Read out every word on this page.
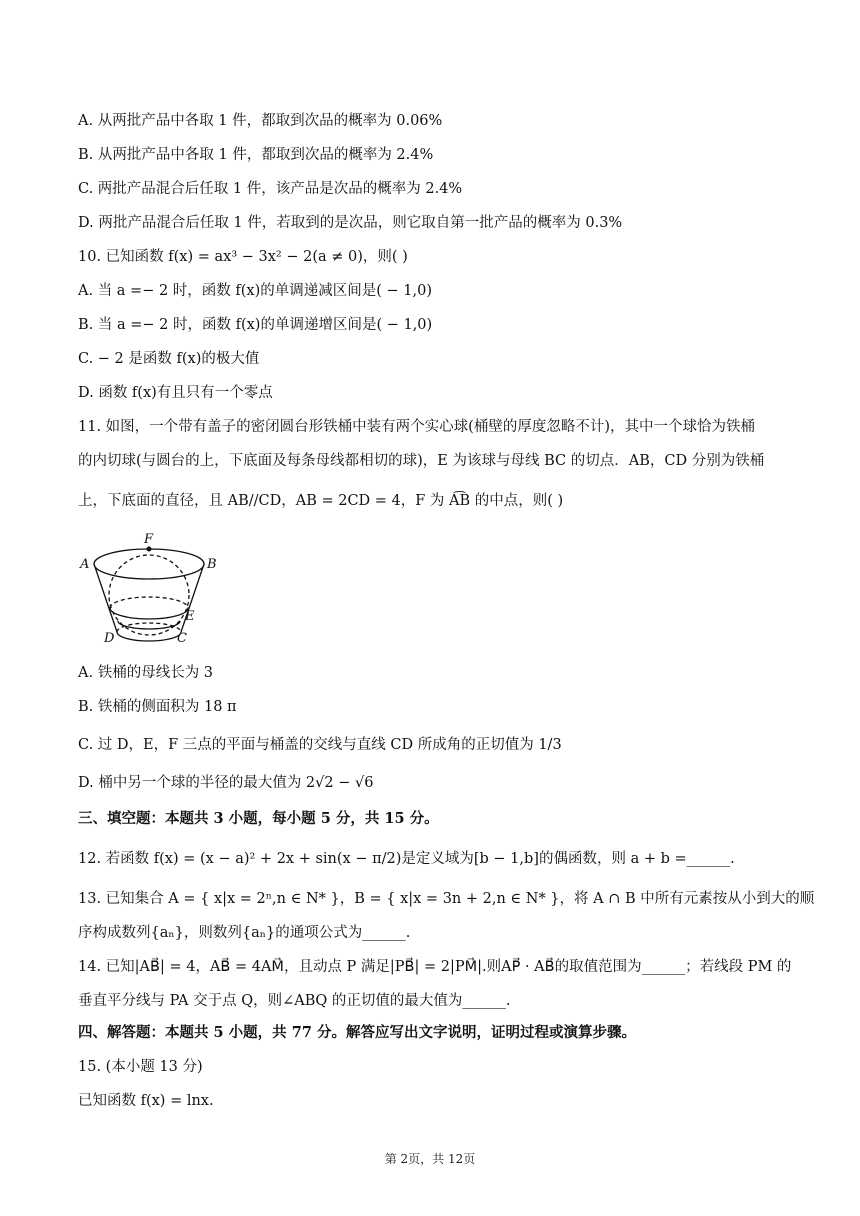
A. 从两批产品中各取 1 件，都取到次品的概率为 0.06%
B. 从两批产品中各取 1 件，都取到次品的概率为 2.4%
C. 两批产品混合后任取 1 件，该产品是次品的概率为 2.4%
D. 两批产品混合后任取 1 件，若取到的是次品，则它取自第一批产品的概率为 0.3%
10. 已知函数 f(x) = ax³ − 3x² − 2(a ≠ 0)，则( )
A. 当 a =− 2 时，函数 f(x)的单调递减区间是( − 1,0)
B. 当 a =− 2 时，函数 f(x)的单调递增区间是( − 1,0)
C. − 2 是函数 f(x)的极大值
D. 函数 f(x)有且只有一个零点
11. 如图，一个带有盖子的密闭圆台形铁桶中装有两个实心球(桶壁的厚度忽略不计)，其中一个球恰为铁桶
的内切球(与圆台的上，下底面及每条母线都相切的球)，E 为该球与母线 BC 的切点．AB，CD 分别为铁桶
上，下底面的直径，且 AB//CD，AB = 2CD = 4，F 为 A͡B 的中点，则( )
F
A	B
E
D	C
A. 铁桶的母线长为 3
B. 铁桶的侧面积为 18 π
C. 过 D，E，F 三点的平面与桶盖的交线与直线 CD 所成角的正切值为 1/3
D. 桶中另一个球的半径的最大值为 2√2 − √6
三、填空题：本题共 3 小题，每小题 5 分，共 15 分。
12. 若函数 f(x) = (x − a)² + 2x + sin(x − π/2)是定义域为[b − 1,b]的偶函数，则 a + b =______.
13. 已知集合 A = { x|x = 2ⁿ,n ∈ N* }，B = { x|x = 3n + 2,n ∈ N* }，将 A ∩ B 中所有元素按从小到大的顺
序构成数列{aₙ}，则数列{aₙ}的通项公式为______.
14. 已知|AB⃗| = 4，AB⃗ = 4AM⃗，且动点 P 满足|PB⃗| = 2|PM⃗|.则AP⃗ · AB⃗的取值范围为______；若线段 PM 的
垂直平分线与 PA 交于点 Q，则∠ABQ 的正切值的最大值为______.
四、解答题：本题共 5 小题，共 77 分。解答应写出文字说明，证明过程或演算步骤。
15. (本小题 13 分)
已知函数 f(x) = lnx.
第 2页，共 12页
